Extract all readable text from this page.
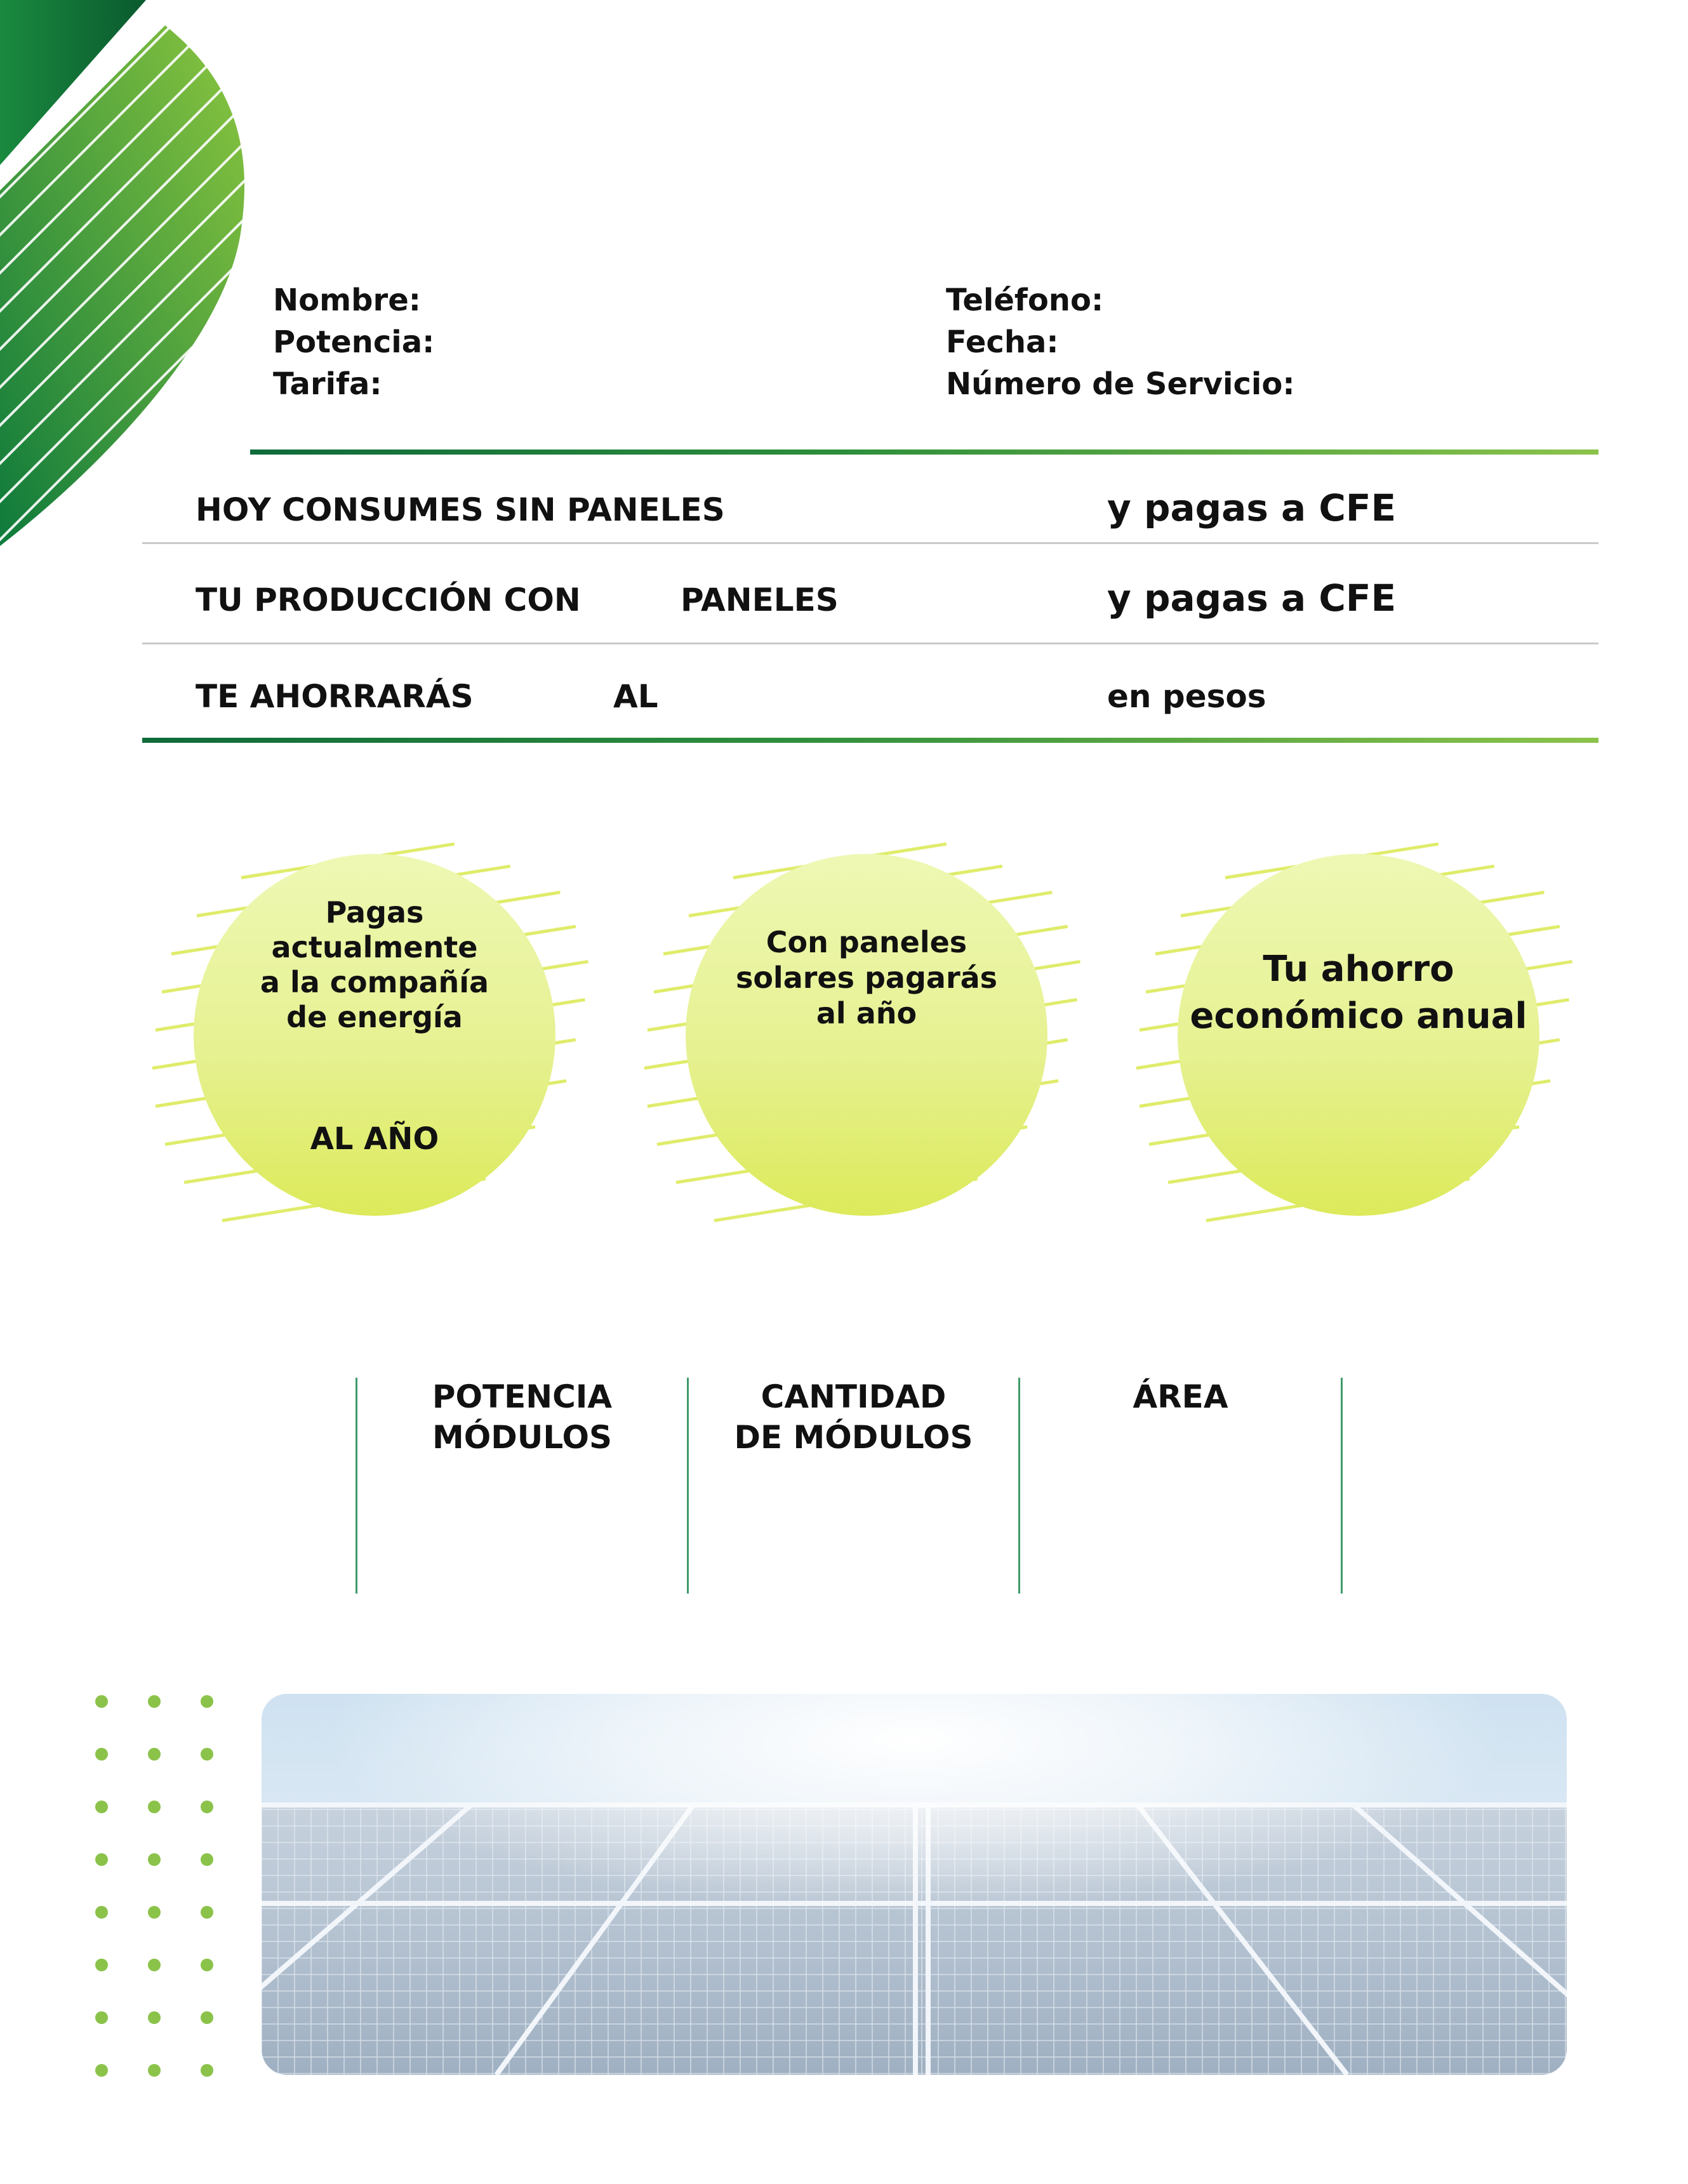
Nombre:
Potencia:
Tarifa:
Teléfono:
Fecha:
Número de Servicio:
HOY CONSUMES SIN PANELES	y pagas a CFE
TU PRODUCCIÓN CON	PANELES	y pagas a CFE
TE AHORRARÁS	AL	en pesos
Pagas
actualmente
a la compañía
de energía
AL AÑO
Con paneles
solares pagarás
al año
Tu ahorro
económico anual
POTENCIA
MÓDULOS
CANTIDAD
DE MÓDULOS
ÁREA
